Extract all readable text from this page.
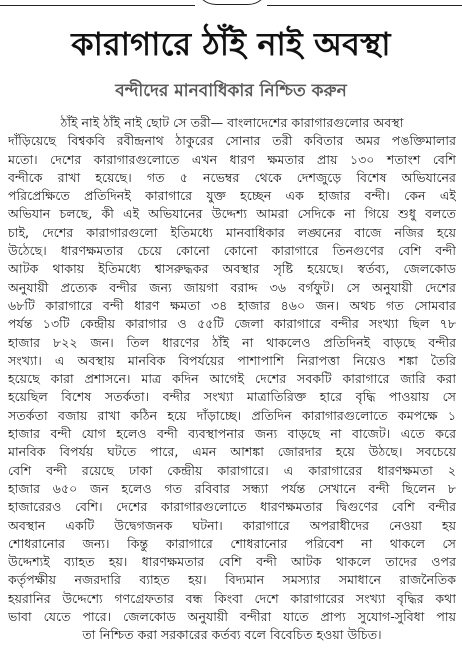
কারাগারে ঠাঁই নাই অবস্থা
বন্দীদের মানবাধিকার নিশ্চিত করুন
ঠাঁই নাই ঠাঁই নাই ছোট সে তরী— বাংলাদেশের কারাগারগুলোর অবস্থা
দাঁড়িয়েছে বিশ্বকবি রবীন্দ্রনাথ ঠাকুরের সোনার তরী কবিতার অমর পঙক্তিমালার
মতো। দেশের কারাগারগুলোতে এখন ধারণ ক্ষমতার প্রায় ১৩০ শতাংশ বেশি
বন্দীকে রাখা হয়েছে। গত ৫ নভেম্বর থেকে দেশজুড়ে বিশেষ অভিযানের
পরিপ্রেক্ষিতে প্রতিদিনই কারাগারে যুক্ত হচ্ছেন এক হাজার বন্দী। কেন এই
অভিযান চলছে, কী এই অভিযানের উদ্দেশ্য আমরা সেদিকে না গিয়ে শুধু বলতে
চাই, দেশের কারাগারগুলো ইতিমধ্যে মানবাধিকার লঙ্ঘনের বাজে নজির হয়ে
উঠেছে। ধারণক্ষমতার চেয়ে কোনো কোনো কারাগারে তিনগুণের বেশি বন্দী
আটক থাকায় ইতিমধ্যে শ্বাসরুদ্ধকর অবস্থার সৃষ্টি হয়েছে। স্বর্তব্য, জেলকোড
অনুযায়ী প্রত্যেক বন্দীর জন্য জায়গা বরাদ্দ ৩৬ বর্গফুট। সে অনুযায়ী দেশের
৬৮টি কারাগারে বন্দী ধারণ ক্ষমতা ৩৪ হাজার ৪৬০ জন। অথচ গত সোমবার
পর্যন্ত ১৩টি কেন্দ্রীয় কারাগার ও ৫৫টি জেলা কারাগারে বন্দীর সংখ্যা ছিল ৭৮
হাজার ৮২২ জন। তিল ধারণের ঠাঁই না থাকলেও প্রতিদিনই বাড়ছে বন্দীর
সংখ্যা। এ অবস্থায় মানবিক বিপর্যয়ের পাশাপাশি নিরাপত্তা নিয়েও শঙ্কা তৈরি
হয়েছে কারা প্রশাসনে। মাত্র কদিন আগেই দেশের সবকটি কারাগারে জারি করা
হয়েছিল বিশেষ সতর্কতা। বন্দীর সংখ্যা মাত্রাতিরিক্ত হারে বৃদ্ধি পাওয়ায় সে
সতর্কতা বজায় রাখা কঠিন হয়ে দাঁড়াচ্ছে। প্রতিদিন কারাগারগুলোতে কমপক্ষে ১
হাজার বন্দী যোগ হলেও বন্দী ব্যবস্থাপনার জন্য বাড়ছে না বাজেট। এতে করে
মানবিক বিপর্যয় ঘটতে পারে, এমন আশঙ্কা জোরদার হয়ে উঠছে। সবচেয়ে
বেশি বন্দী রয়েছে ঢাকা কেন্দ্রীয় কারাগারে। এ কারাগারের ধারণক্ষমতা ২
হাজার ৬৫০ জন হলেও গত রবিবার সন্ধ্যা পর্যন্ত সেখানে বন্দী ছিলেন ৮
হাজারেরও বেশি। দেশের কারাগারগুলোতে ধারণক্ষমতার দ্বিগুণের বেশি বন্দীর
অবস্থান একটি উদ্বেগজনক ঘটনা। কারাগারে অপরাধীদের নেওয়া হয়
শোধরানোর জন্য। কিন্তু কারাগারে শোধরানোর পরিবেশ না থাকলে সে
উদ্দেশ্যই ব্যাহত হয়। ধারণক্ষমতার বেশি বন্দী আটক থাকলে তাদের ওপর
কর্তৃপক্ষীয় নজরদারি ব্যাহত হয়। বিদ্যমান সমস্যার সমাধানে রাজনৈতিক
হয়রানির উদ্দেশ্যে গণগ্রেফতার বন্ধ কিংবা দেশে কারাগারের সংখ্যা বৃদ্ধির কথা
ভাবা যেতে পারে। জেলকোড অনুযায়ী বন্দীরা যাতে প্রাপ্য সুযোগ-সুবিধা পায়
তা নিশ্চিত করা সরকারের কর্তব্য বলে বিবেচিত হওয়া উচিত।
